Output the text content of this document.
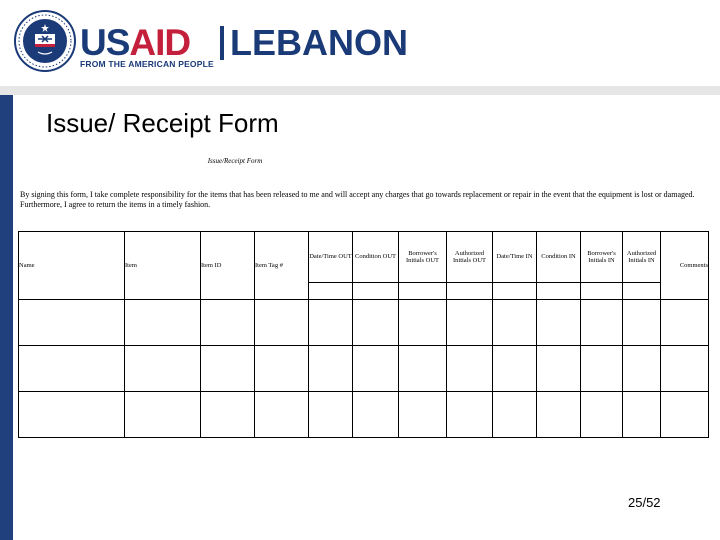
USAID LEBANON
FROM THE AMERICAN PEOPLE
Issue/ Receipt Form
Issue/Receipt Form
By signing this form, I take complete responsibility for the items that has been released to me and will accept any charges that go towards replacement or repair in the event that the equipment is lost or damaged. Furthermore, I agree to return the items in a timely fashion.
Name	Item	Item ID	Item Tag #	Date/Time OUT	Condition OUT	Borrower's Initials OUT	Authorized Initials OUT	Date/Time IN	Condition IN	Borrower's Initials IN	Authorized Initials IN	Comments

25/52
